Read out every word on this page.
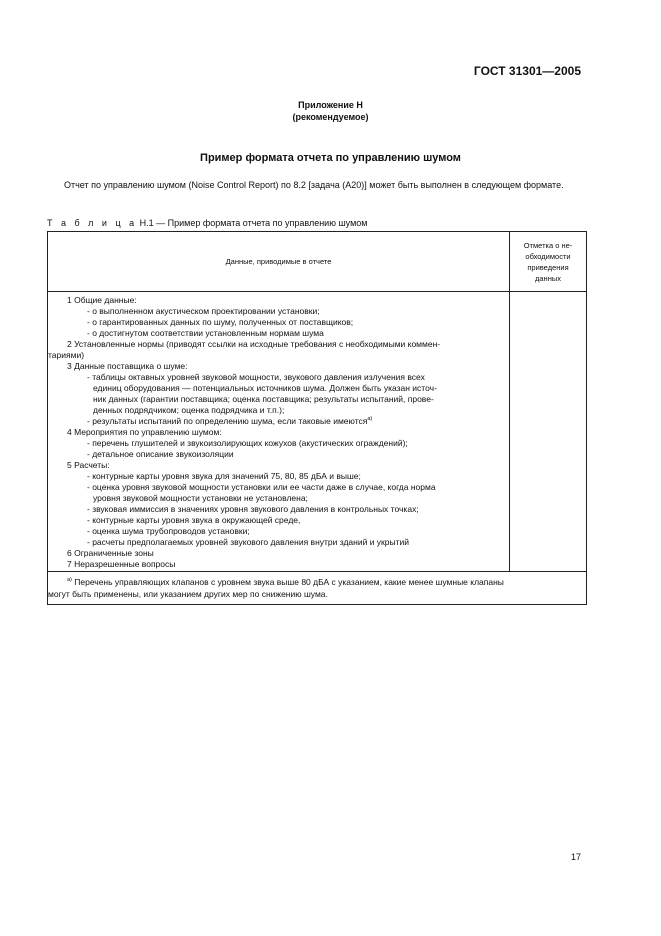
ГОСТ 31301—2005
Приложение Н
(рекомендуемое)
Пример формата отчета по управлению шумом
Отчет по управлению шумом (Noise Control Report) по 8.2 [задача (А20)] может быть выполнен в следующем формате.
Т а б л и ц а Н.1 — Пример формата отчета по управлению шумом
Данные, приводимые в отчете
Отметка о не-
обходимости
приведения
данных
1 Общие данные:
- о выполненном акустическом проектировании установки;
- о гарантированных данных по шуму, полученных от поставщиков;
- о достигнутом соответствии установленным нормам шума
2 Установленные нормы (приводят ссылки на исходные требования с необходимыми коммен-
тариями)
3 Данные поставщика о шуме:
- таблицы октавных уровней звуковой мощности, звукового давления излучения всех
единиц оборудования — потенциальных источников шума. Должен быть указан источ-
ник данных (гарантии поставщика; оценка поставщика; результаты испытаний, прове-
денных подрядчиком; оценка подрядчика и т.п.);
- результаты испытаний по определению шума, если таковые имеются$^{а)}$
4 Мероприятия по управлению шумом:
- перечень глушителей и звукоизолирующих кожухов (акустических ограждений);
- детальное описание звукоизоляции
5 Расчеты:
- контурные карты уровня звука для значений 75, 80, 85 дБА и выше;
- оценка уровня звуковой мощности установки или ее части даже в случае, когда норма
уровня звуковой мощности установки не установлена;
- звуковая иммиссия в значениях уровня звукового давления в контрольных точках;
- контурные карты уровня звука в окружающей среде,
- оценка шума трубопроводов установки;
- расчеты предполагаемых уровней звукового давления внутри зданий и укрытий
6 Ограниченные зоны
7 Неразрешенные вопросы
$^{а)}$ Перечень управляющих клапанов с уровнем звука выше 80 дБА с указанием, какие менее шумные клапаны
могут быть применены, или указанием других мер по снижению шума.
17
